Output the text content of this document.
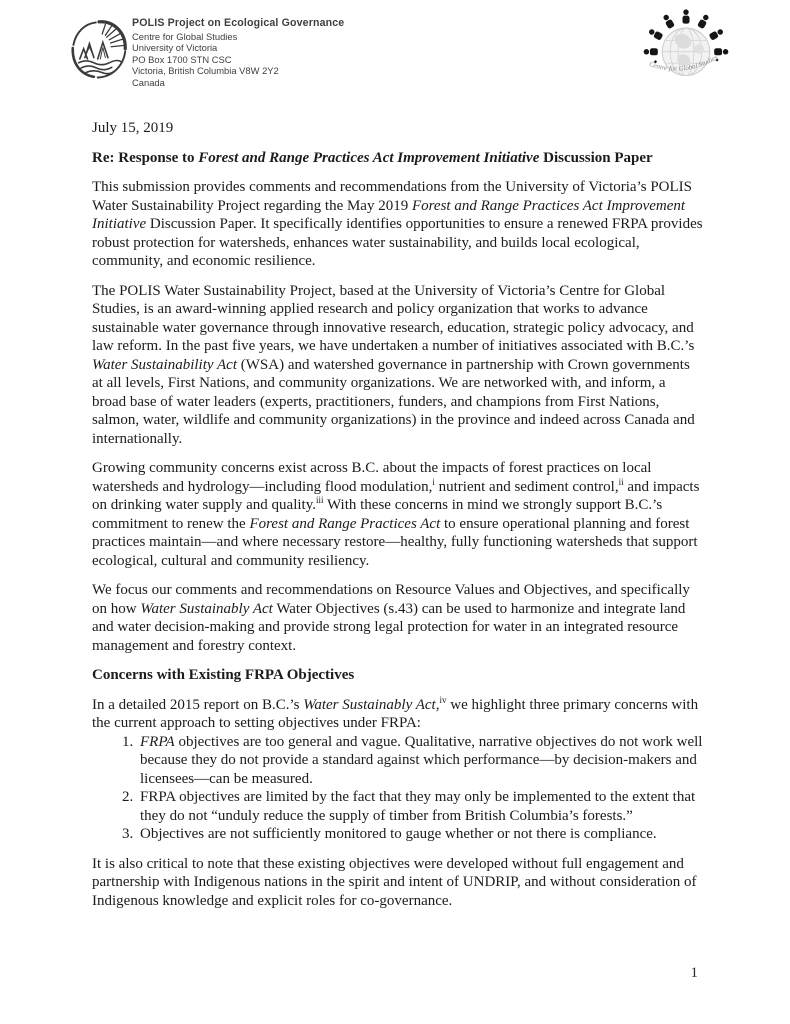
POLIS Project on Ecological Governance
Centre for Global Studies
University of Victoria
PO Box 1700 STN CSC
Victoria, British Columbia V8W 2Y2
Canada
Centre for Global Studies

July 15, 2019

Re: Response to Forest and Range Practices Act Improvement Initiative Discussion Paper

This submission provides comments and recommendations from the University of Victoria’s POLIS Water Sustainability Project regarding the May 2019 Forest and Range Practices Act Improvement Initiative Discussion Paper. It specifically identifies opportunities to ensure a renewed FRPA provides robust protection for watersheds, enhances water sustainability, and builds local ecological, community, and economic resilience.

The POLIS Water Sustainability Project, based at the University of Victoria’s Centre for Global Studies, is an award-winning applied research and policy organization that works to advance sustainable water governance through innovative research, education, strategic policy advocacy, and law reform. In the past five years, we have undertaken a number of initiatives associated with B.C.’s Water Sustainability Act (WSA) and watershed governance in partnership with Crown governments at all levels, First Nations, and community organizations. We are networked with, and inform, a broad base of water leaders (experts, practitioners, funders, and champions from First Nations, salmon, water, wildlife and community organizations) in the province and indeed across Canada and internationally.

Growing community concerns exist across B.C. about the impacts of forest practices on local watersheds and hydrology—including flood modulation,$^i$ nutrient and sediment control,$^{ii}$ and impacts on drinking water supply and quality.$^{iii}$ With these concerns in mind we strongly support B.C.’s commitment to renew the Forest and Range Practices Act to ensure operational planning and forest practices maintain—and where necessary restore—healthy, fully functioning watersheds that support ecological, cultural and community resiliency.

We focus our comments and recommendations on Resource Values and Objectives, and specifically on how Water Sustainably Act Water Objectives (s.43) can be used to harmonize and integrate land and water decision-making and provide strong legal protection for water in an integrated resource management and forestry context.

Concerns with Existing FRPA Objectives

In a detailed 2015 report on B.C.’s Water Sustainably Act,$^{iv}$ we highlight three primary concerns with the current approach to setting objectives under FRPA:

1. FRPA objectives are too general and vague. Qualitative, narrative objectives do not work well because they do not provide a standard against which performance—by decision-makers and licensees—can be measured.
2. FRPA objectives are limited by the fact that they may only be implemented to the extent that they do not “unduly reduce the supply of timber from British Columbia’s forests.”
3. Objectives are not sufficiently monitored to gauge whether or not there is compliance.

It is also critical to note that these existing objectives were developed without full engagement and partnership with Indigenous nations in the spirit and intent of UNDRIP, and without consideration of Indigenous knowledge and explicit roles for co-governance.

1
